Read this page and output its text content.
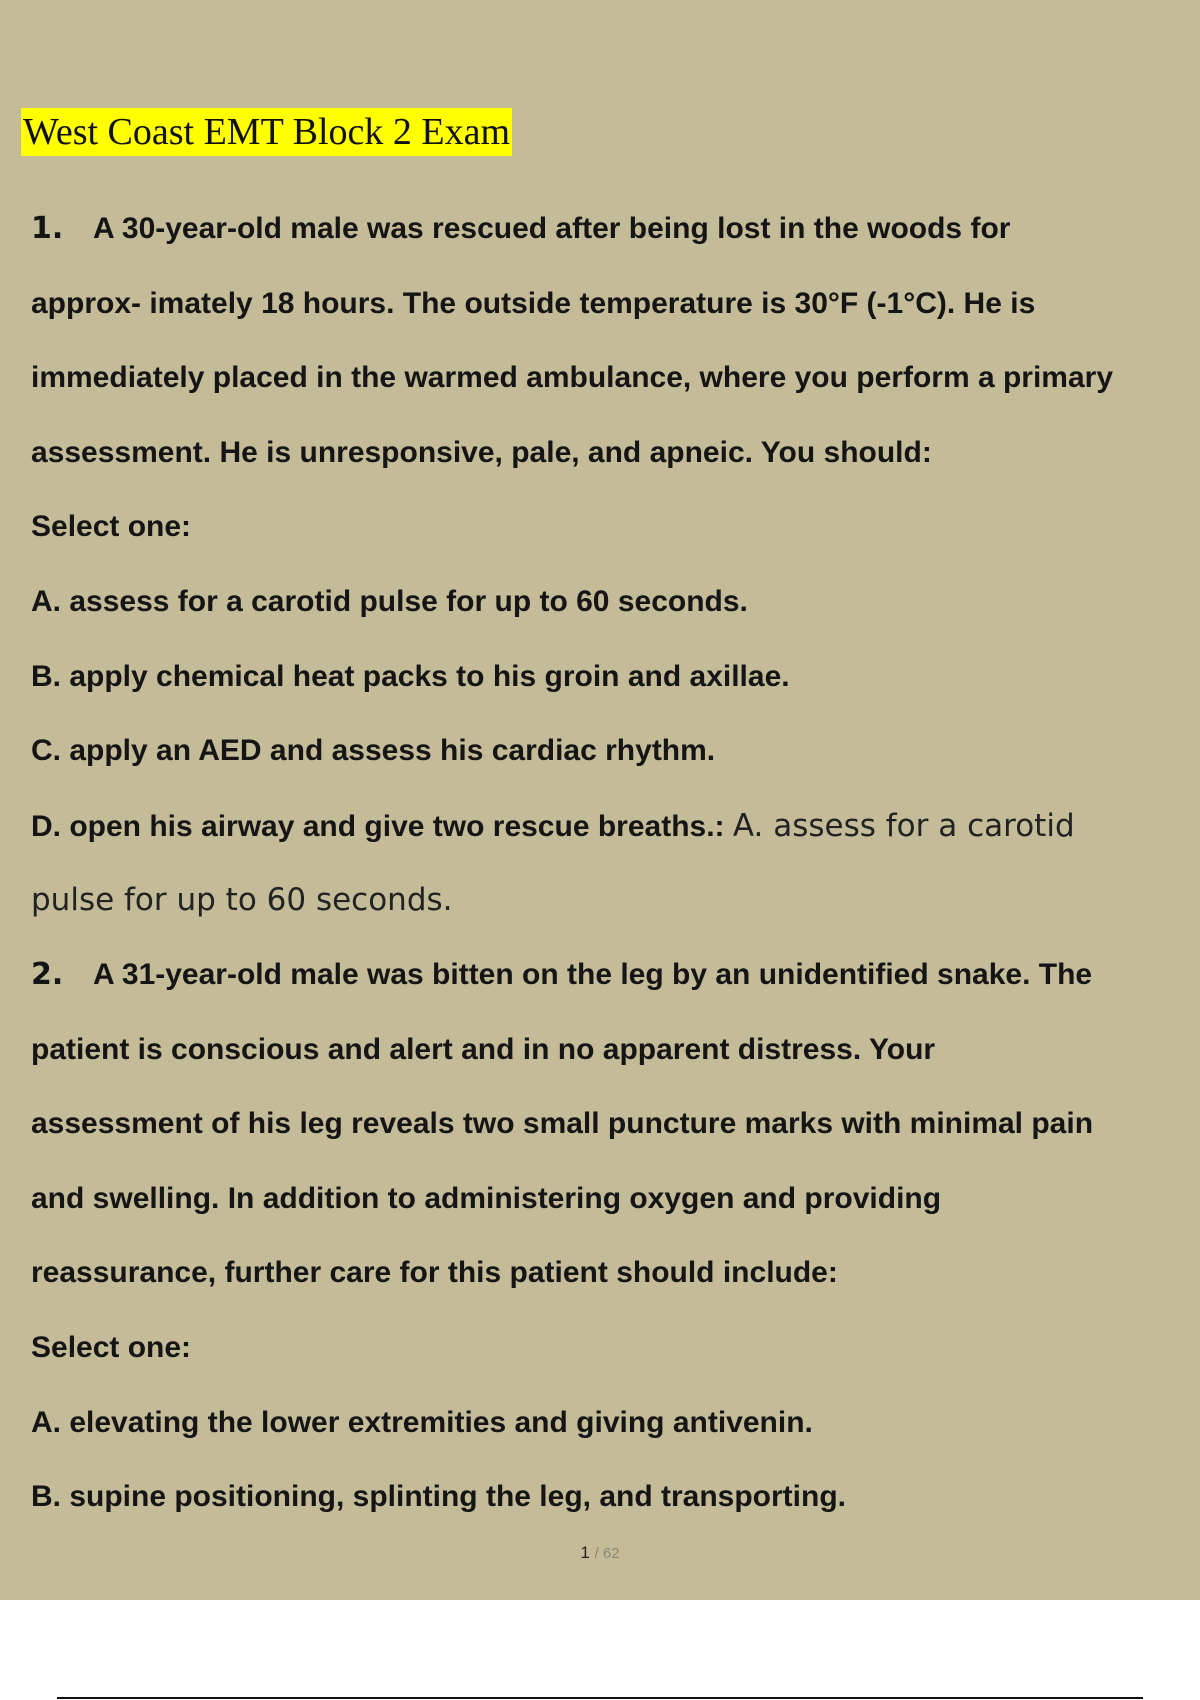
West Coast EMT Block 2 Exam
1. A 30-year-old male was rescued after being lost in the woods for
approx- imately 18 hours. The outside temperature is 30°F (-1°C). He is
immediately placed in the warmed ambulance, where you perform a primary
assessment. He is unresponsive, pale, and apneic. You should:
Select one:
A. assess for a carotid pulse for up to 60 seconds.
B. apply chemical heat packs to his groin and axillae.
C. apply an AED and assess his cardiac rhythm.
D. open his airway and give two rescue breaths.: A. assess for a carotid
pulse for up to 60 seconds.
2. A 31-year-old male was bitten on the leg by an unidentified snake. The
patient is conscious and alert and in no apparent distress. Your
assessment of his leg reveals two small puncture marks with minimal pain
and swelling. In addition to administering oxygen and providing
reassurance, further care for this patient should include:
Select one:
A. elevating the lower extremities and giving antivenin.
B. supine positioning, splinting the leg, and transporting.
1 / 62
